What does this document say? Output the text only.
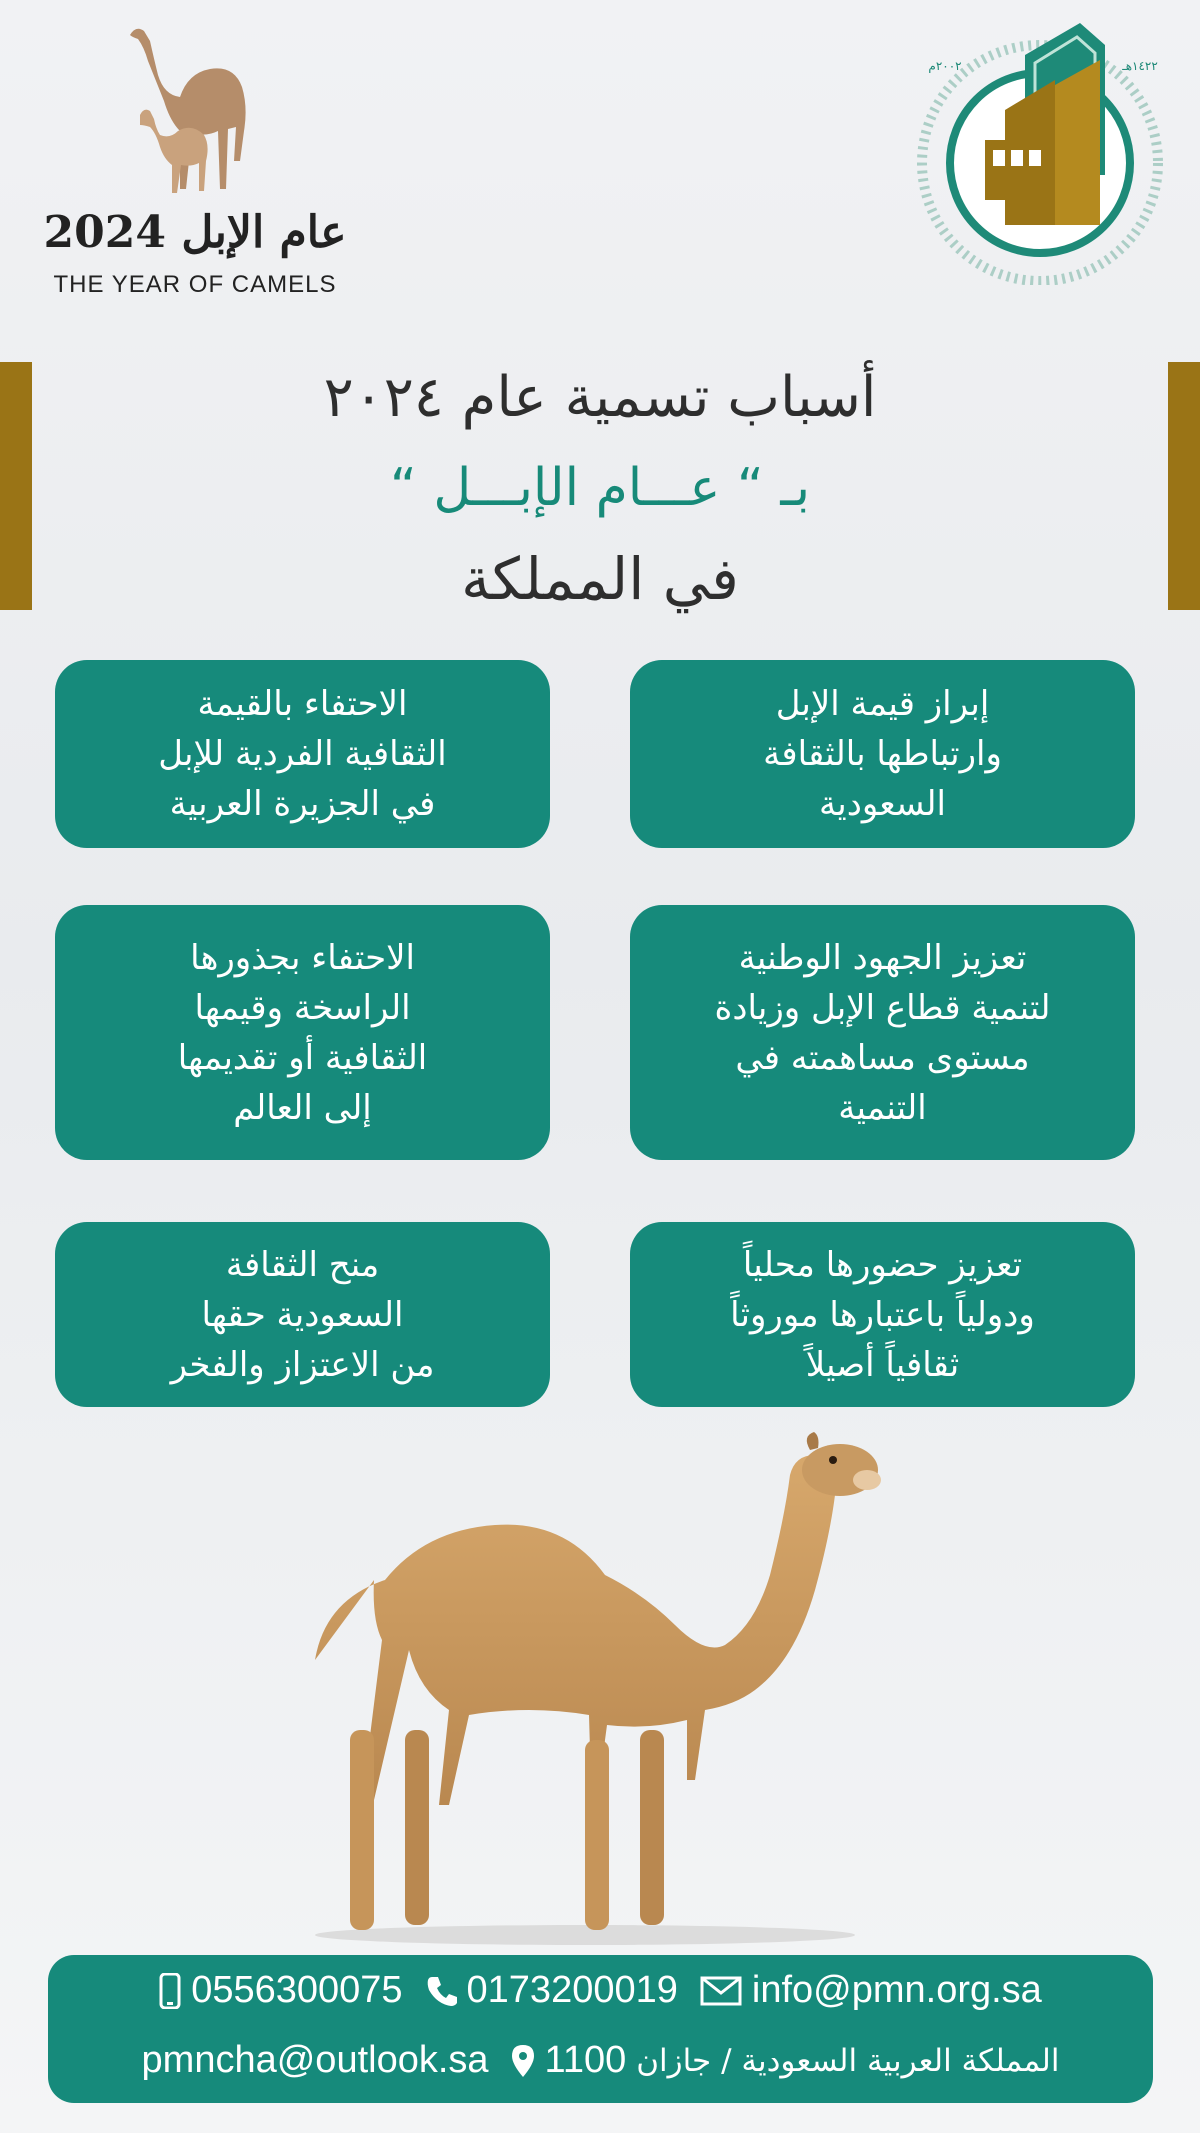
عام الإبل 2024
THE YEAR OF CAMELS
١٤٢٢هـ
٢٠٠٢م
أسباب تسمية عام ٢٠٢٤
بـ “ عـــام الإبـــل “
في المملكة
إبراز قيمة الإبل
وارتباطها بالثقافة
السعودية
الاحتفاء بالقيمة
الثقافية الفردية للإبل
في الجزيرة العربية
تعزيز الجهود الوطنية
لتنمية قطاع الإبل وزيادة
مستوى مساهمته في
التنمية
الاحتفاء بجذورها
الراسخة وقيمها
الثقافية أو تقديمها
إلى العالم
تعزيز حضورها محلياً
ودولياً باعتبارها موروثاً
ثقافياً أصيلاً
منح الثقافة
السعودية حقها
من الاعتزاز والفخر
0556300075 0173200019 info@pmn.org.sa
pmncha@outlook.sa 1100 المملكة العربية السعودية / جازان
